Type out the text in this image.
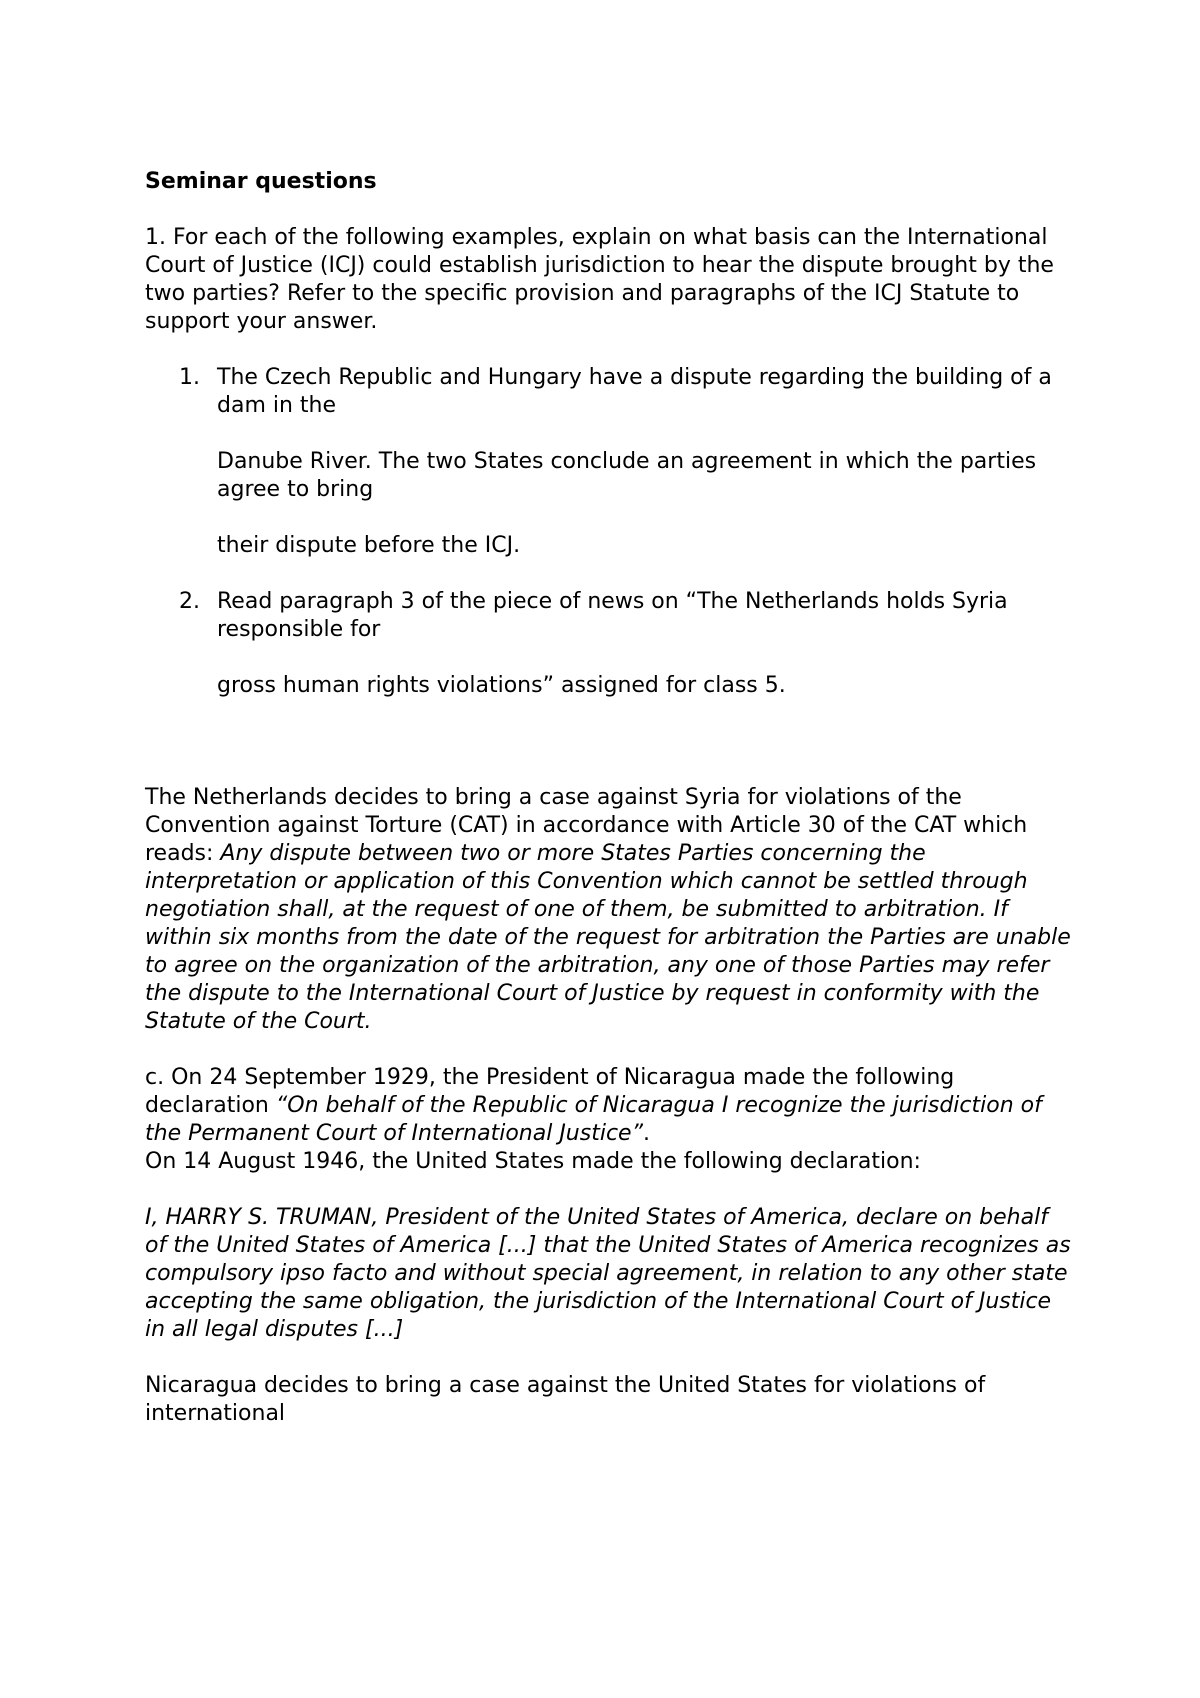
Seminar questions

1. For each of the following examples, explain on what basis can the International Court of Justice (ICJ) could establish jurisdiction to hear the dispute brought by the two parties? Refer to the specific provision and paragraphs of the ICJ Statute to support your answer.

1. The Czech Republic and Hungary have a dispute regarding the building of a dam in the
Danube River. The two States conclude an agreement in which the parties agree to bring
their dispute before the ICJ.
2. Read paragraph 3 of the piece of news on “The Netherlands holds Syria responsible for
gross human rights violations” assigned for class 5.

The Netherlands decides to bring a case against Syria for violations of the Convention against Torture (CAT) in accordance with Article 30 of the CAT which reads: Any dispute between two or more States Parties concerning the interpretation or application of this Convention which cannot be settled through negotiation shall, at the request of one of them, be submitted to arbitration. If within six months from the date of the request for arbitration the Parties are unable to agree on the organization of the arbitration, any one of those Parties may refer the dispute to the International Court of Justice by request in conformity with the Statute of the Court.

c. On 24 September 1929, the President of Nicaragua made the following declaration “On behalf of the Republic of Nicaragua I recognize the jurisdiction of the Permanent Court of International Justice”.

On 14 August 1946, the United States made the following declaration:

I, HARRY S. TRUMAN, President of the United States of America, declare on behalf of the United States of America [...] that the United States of America recognizes as compulsory ipso facto and without special agreement, in relation to any other state accepting the same obligation, the jurisdiction of the International Court of Justice in all legal disputes [...]

Nicaragua decides to bring a case against the United States for violations of international
